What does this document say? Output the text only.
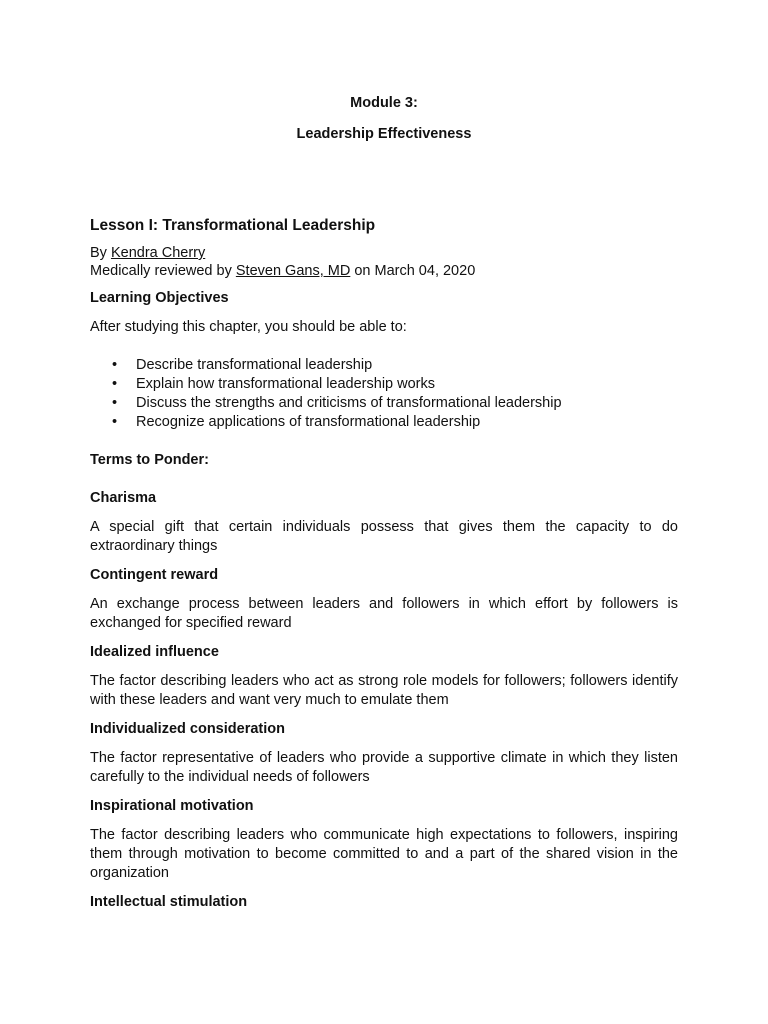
Module 3:
Leadership Effectiveness
Lesson I: Transformational Leadership
By Kendra Cherry
Medically reviewed by Steven Gans, MD on March 04, 2020
Learning Objectives
After studying this chapter, you should be able to:
• Describe transformational leadership
• Explain how transformational leadership works
• Discuss the strengths and criticisms of transformational leadership
• Recognize applications of transformational leadership
Terms to Ponder:
Charisma
A special gift that certain individuals possess that gives them the capacity to do extraordinary things
Contingent reward
An exchange process between leaders and followers in which effort by followers is exchanged for specified reward
Idealized influence
The factor describing leaders who act as strong role models for followers; followers identify with these leaders and want very much to emulate them
Individualized consideration
The factor representative of leaders who provide a supportive climate in which they listen carefully to the individual needs of followers
Inspirational motivation
The factor describing leaders who communicate high expectations to followers, inspiring them through motivation to become committed to and a part of the shared vision in the organization
Intellectual stimulation
